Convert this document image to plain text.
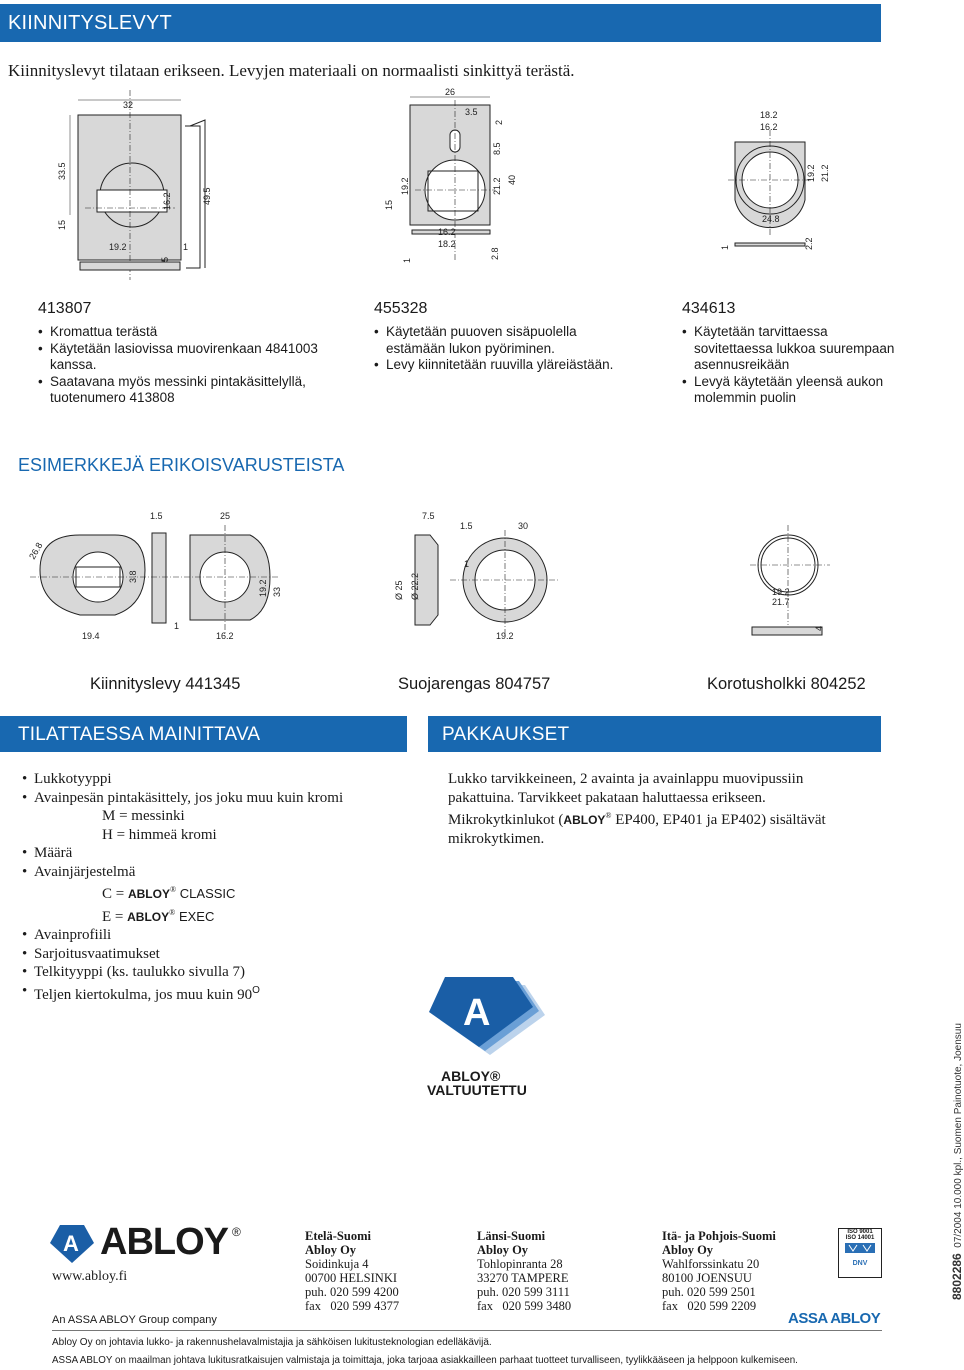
KIINNITYSLEVYT
Kiinnityslevyt tilataan erikseen. Levyjen materiaali on normaalisti sinkittyä terästä.
32
33.5
15
16.2	49.5
19.2
5
1
26
3.5
2
8.5
21.2 40
15
19.2
16.2
18.2
1
2.8
18.2
16.2
19.2 21.2
24.8
1	2.2
413807
• Kromattua terästä
• Käytetään lasiovissa muovirenkaan 4841003 kanssa.
• Saatavana myös messinki pintakäsittelyllä, tuotenumero 413808
455328
• Käytetään puuoven sisäpuolella estämään lukon pyöriminen.
• Levy kiinnitetään ruuvilla yläreiästään.
434613
• Käytetään tarvittaessa sovitettaessa lukkoa suurempaan asennusreikään
• Levyä käytetään yleensä aukon molemmin puolin
ESIMERKKEJÄ ERIKOISVARUSTEISTA
1.5	25
26.8
3.8
19.2 33
19.4
1
16.2
7.5
1.5	30
Ø 25 Ø 22.2
1
19.2
19.2
21.7
4
Kiinnityslevy 441345	Suojarengas 804757	Korotusholkki 804252
TILATTAESSA MAINITTAVA	PAKKAUKSET
• Lukkotyyppi
• Avainpesän pintakäsittely, jos joku muu kuin kromi
M = messinki
H = himmeä kromi
• Määrä
• Avainjärjestelmä
C = ABLOY® CLASSIC
E = ABLOY® EXEC
• Avainprofiili
• Sarjoitusvaatimukset
• Telkityyppi (ks. taulukko sivulla 7)
• Teljen kiertokulma, jos muu kuin $90^O$
Lukko tarvikkeineen, 2 avainta ja avainlappu muovipussiin pakattuina. Tarvikkeet pakataan haluttaessa erikseen.
Mikrokytkinlukot (ABLOY® EP400, EP401 ja EP402) sisältävät mikrokytkimen.
A
ABLOY®
VALTUUTETTU
A ABLOY ®
www.abloy.fi
Etelä-Suomi
Abloy Oy
Soidinkuja 4
00700 HELSINKI
puh. 020 599 4200
fax   020 599 4377
Länsi-Suomi
Abloy Oy
Tohlopinranta 28
33270 TAMPERE
puh. 020 599 3111
fax   020 599 3480
Itä- ja Pohjois-Suomi
Abloy Oy
Wahlforssinkatu 20
80100 JOENSUU
puh. 020 599 2501
fax   020 599 2209
ISO 9001
ISO 14001
DNV	8802286  07/2004 10.000 kpl., Suomen Painotuote, Joensuu
An ASSA ABLOY Group company	ASSA ABLOY
Abloy Oy on johtavia lukko- ja rakennushelavalmistajia ja sähköisen lukitusteknologian edelläkävijä.
ASSA ABLOY on maailman johtava lukitusratkaisujen valmistaja ja toimittaja, joka tarjoaa asiakkailleen parhaat tuotteet turvalliseen, tyylikkääseen ja helppoon kulkemiseen.
